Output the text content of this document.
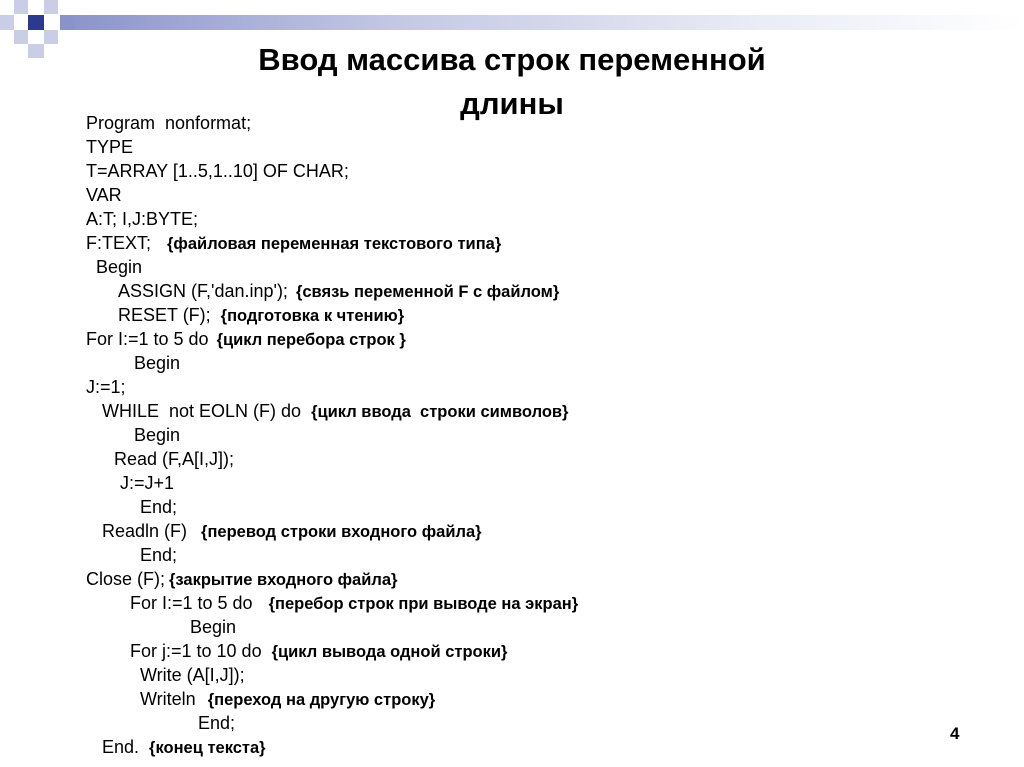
Ввод массива строк переменной
длины
Program  nonformat;
TYPE
T=ARRAY [1..5,1..10] OF CHAR;
VAR
A:T; I,J:BYTE;
F:TEXT; {файловая переменная текстового типа}
Begin
ASSIGN (F,'dan.inp'); {связь переменной F с файлом}
RESET (F); {подготовка к чтению}
For I:=1 to 5 do {цикл перебора строк }
Begin
J:=1;
WHILE  not EOLN (F) do {цикл ввода  строки символов}
Begin
Read (F,A[I,J]);
J:=J+1
End;
Readln (F) {перевод строки входного файла}
End;
Close (F); {закрытие входного файла}
For I:=1 to 5 do {перебор строк при выводе на экран}
Begin
For j:=1 to 10 do {цикл вывода одной строки}
Write (A[I,J]);
Writeln {переход на другую строку}
End;
End. {конец текста}
4
